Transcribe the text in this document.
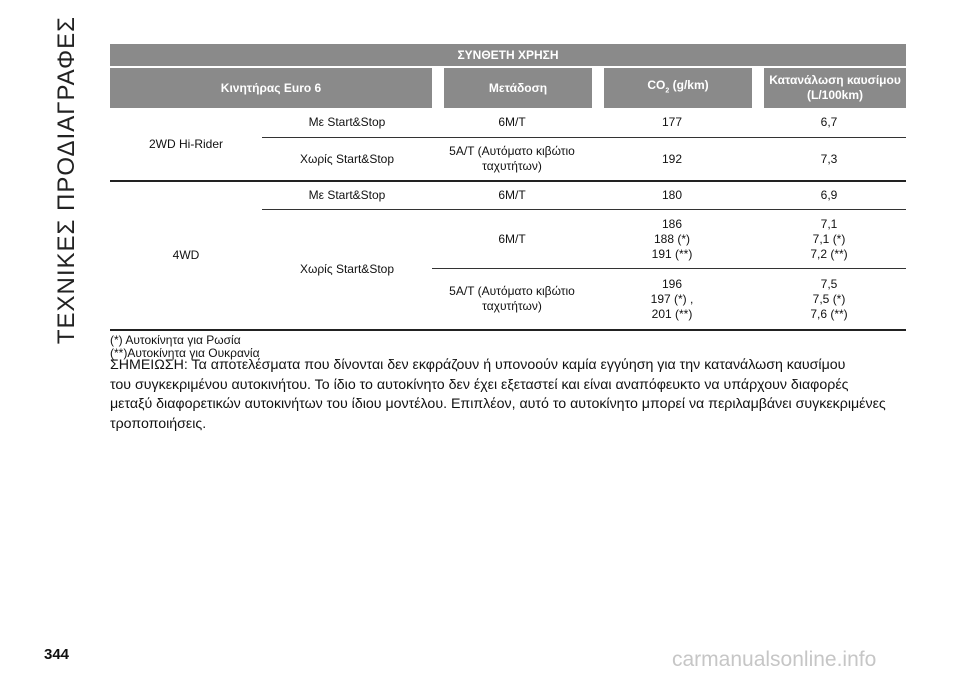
ΤΕΧΝΙΚΕΣ ΠΡΟΔΙΑΓΡΑΦΕΣ	ΣΥΝΘΕΤΗ ΧΡΗΣΗ				
Κινητήρας Euro 6		Μετάδοση	$CO_2$ (g/km)	Κατανάλωση καυσίμου
(L/100km)
2WD Hi-Rider	Με Start&Stop	6M/T	177	6,7
	Χωρίς Start&Stop	5A/T (Αυτόματο κιβώτιο
ταχυτήτων)	192	7,3
4WD	Με Start&Stop	6M/T	180	6,9
	Χωρίς Start&Stop	6M/T	186
188 (*)
191 (**)	7,1
7,1 (*)
7,2 (**)
		5A/T (Αυτόματο κιβώτιο
ταχυτήτων)	196
197 (*) ,
201 (**)	7,5
7,5 (*)
7,6 (**)
(*) Αυτοκίνητα για Ρωσία
(**)Αυτοκίνητα για Ουκρανία
ΣΗΜΕΙΩΣΗ: Τα αποτελέσματα που δίνονται δεν εκφράζουν ή υπονοούν καμία εγγύηση για την κατανάλωση καυσίμου
του συγκεκριμένου αυτοκινήτου. Το ίδιο το αυτοκίνητο δεν έχει εξεταστεί και είναι αναπόφευκτο να υπάρχουν διαφορές
μεταξύ διαφορετικών αυτοκινήτων του ίδιου μοντέλου. Επιπλέον, αυτό το αυτοκίνητο μπορεί να περιλαμβάνει συγκεκριμένες
τροποποιήσεις.
344	carmanualsonline.info
